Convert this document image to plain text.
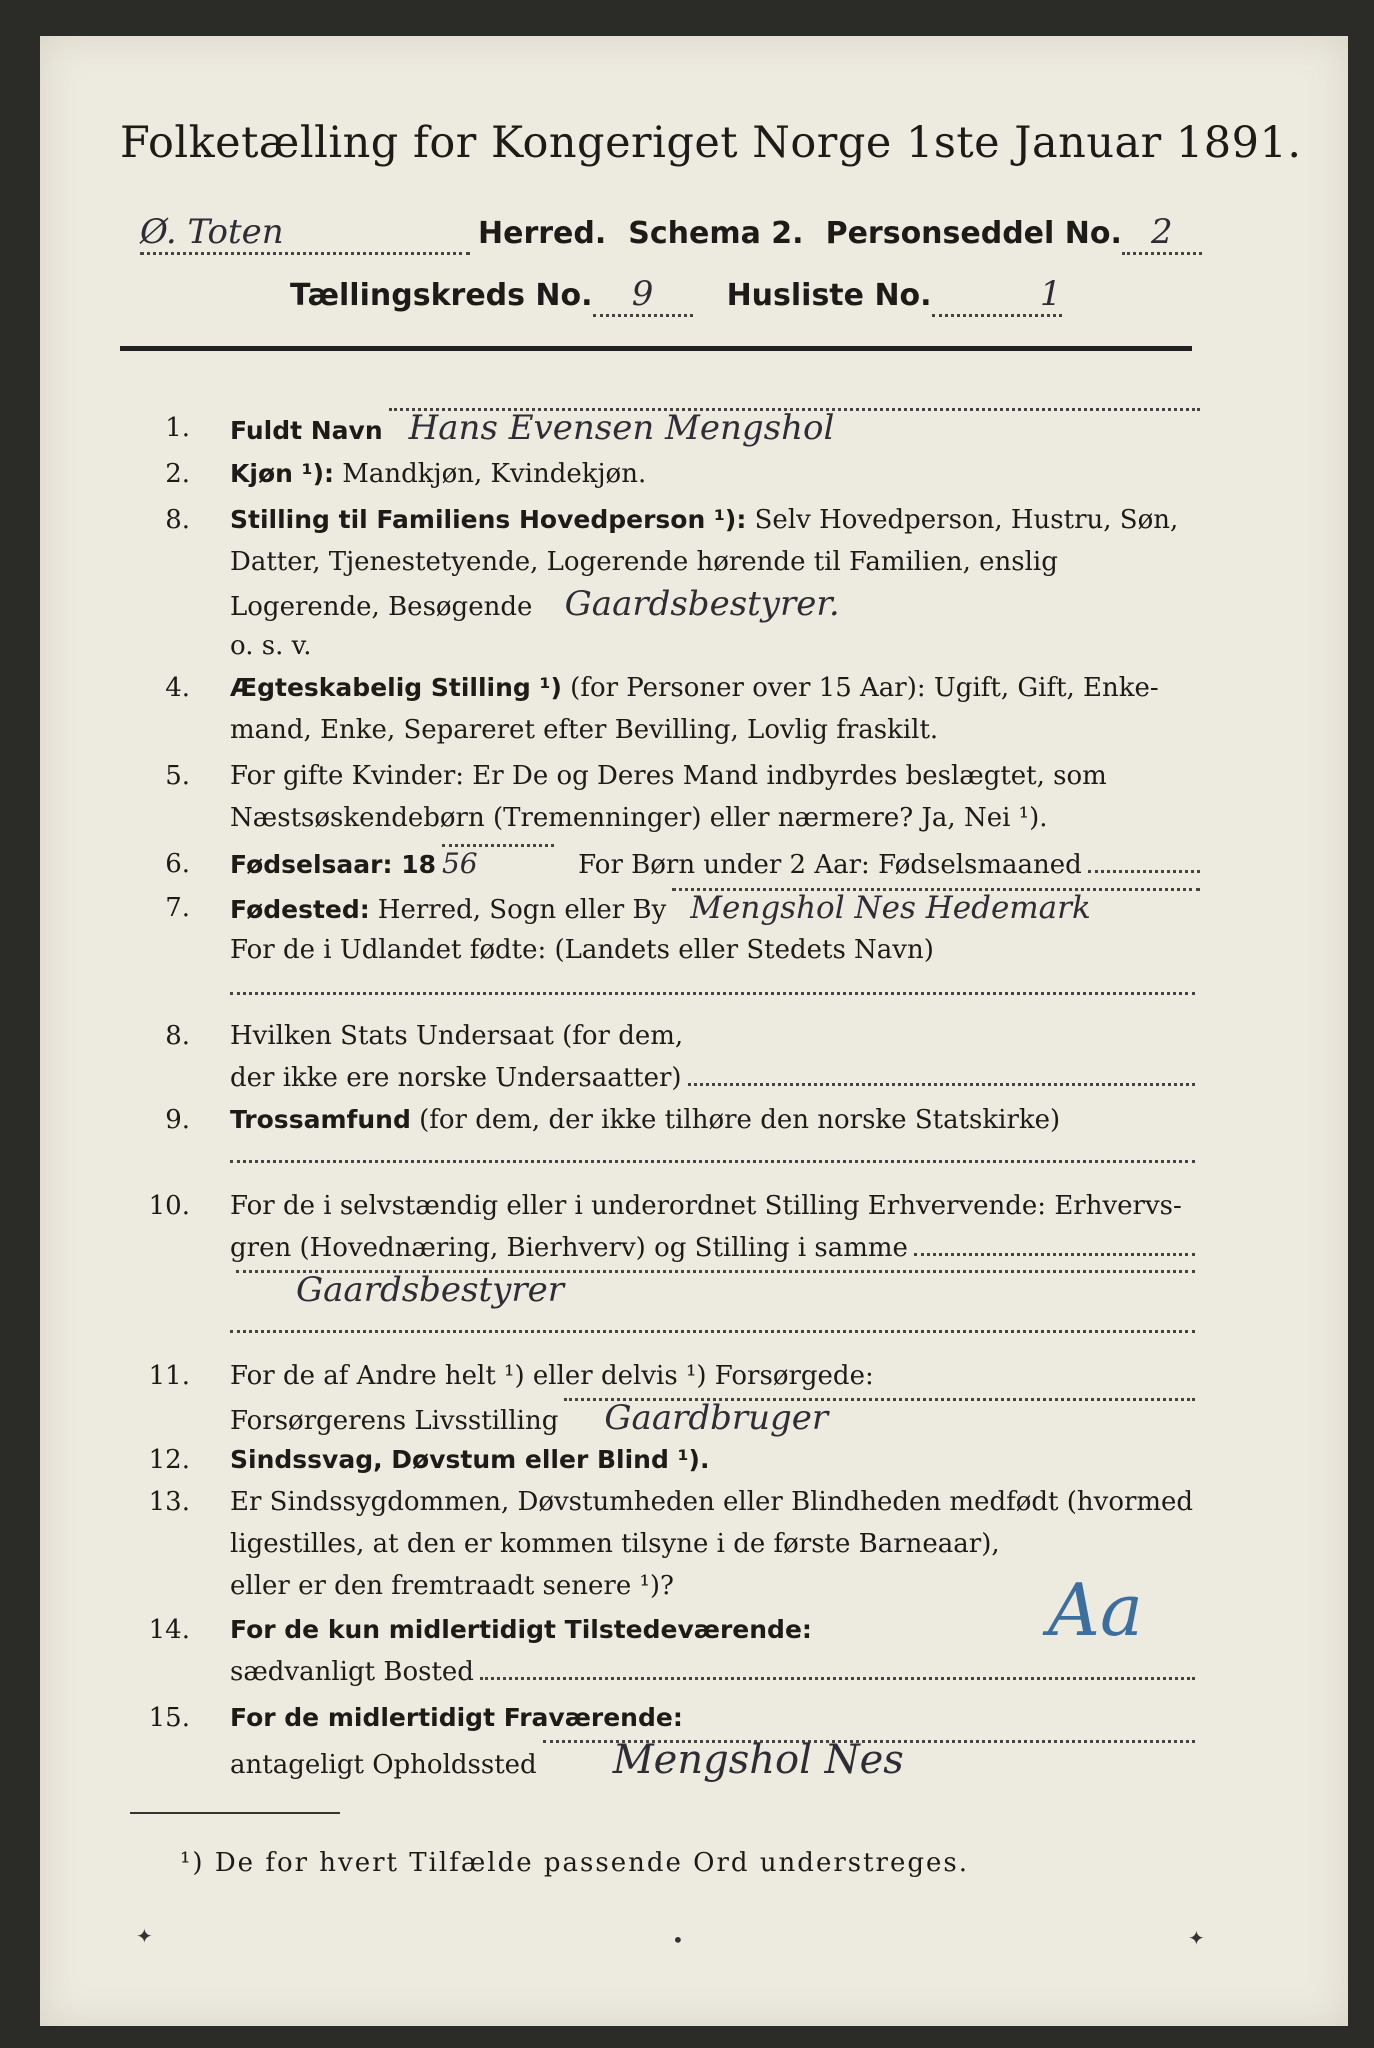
Folketælling for Kongeriget Norge 1ste Januar 1891.
Ø. Toten	Herred. Schema 2. Personseddel No. 2
Tællingskreds No.	9	Husliste No.	1
1. Fuldt Navn Hans Evensen Mengshol
2. Kjøn ¹): Mandkjøn, Kvindekjøn.
8. Stilling til Familiens Hovedperson ¹): Selv Hovedperson, Hustru, Søn,
Datter, Tjenestetyende, Logerende hørende til Familien, enslig
Logerende, Besøgende Gaardsbestyrer.
o. s. v.
4. Ægteskabelig Stilling ¹) (for Personer over 15 Aar): Ugift, Gift, Enke-
mand, Enke, Separeret efter Bevilling, Lovlig fraskilt.
5. For gifte Kvinder: Er De og Deres Mand indbyrdes beslægtet, som
Næstsøskendebørn (Tremenninger) eller nærmere? Ja, Nei ¹).
6. Fødselsaar: 18 56	For Børn under 2 Aar: Fødselsmaaned
7. Fødested: Herred, Sogn eller By Mengshol Nes Hedemark
For de i Udlandet fødte: (Landets eller Stedets Navn)
8. Hvilken Stats Undersaat (for dem,
der ikke ere norske Undersaatter)
9. Trossamfund (for dem, der ikke tilhøre den norske Statskirke)
10. For de i selvstændig eller i underordnet Stilling Erhvervende: Erhvervs-
gren (Hovednæring, Bierhverv) og Stilling i samme
11. For de af Andre helt ¹) eller delvis ¹) Forsørgede:
Forsørgerens Livsstilling	Gaardbruger
12. Sindssvag, Døvstum eller Blind ¹).
13. Er Sindssygdommen, Døvstumheden eller Blindheden medfødt (hvormed
ligestilles, at den er kommen tilsyne i de første Barneaar),
eller er den fremtraadt senere ¹)?
14. For de kun midlertidigt Tilstedeværende:
sædvanligt Bosted
Aa
15. For de midlertidigt Fraværende:
antageligt Opholdssted	Mengshol Nes
¹) De for hvert Tilfælde passende Ord understreges.
✦	•	✦
